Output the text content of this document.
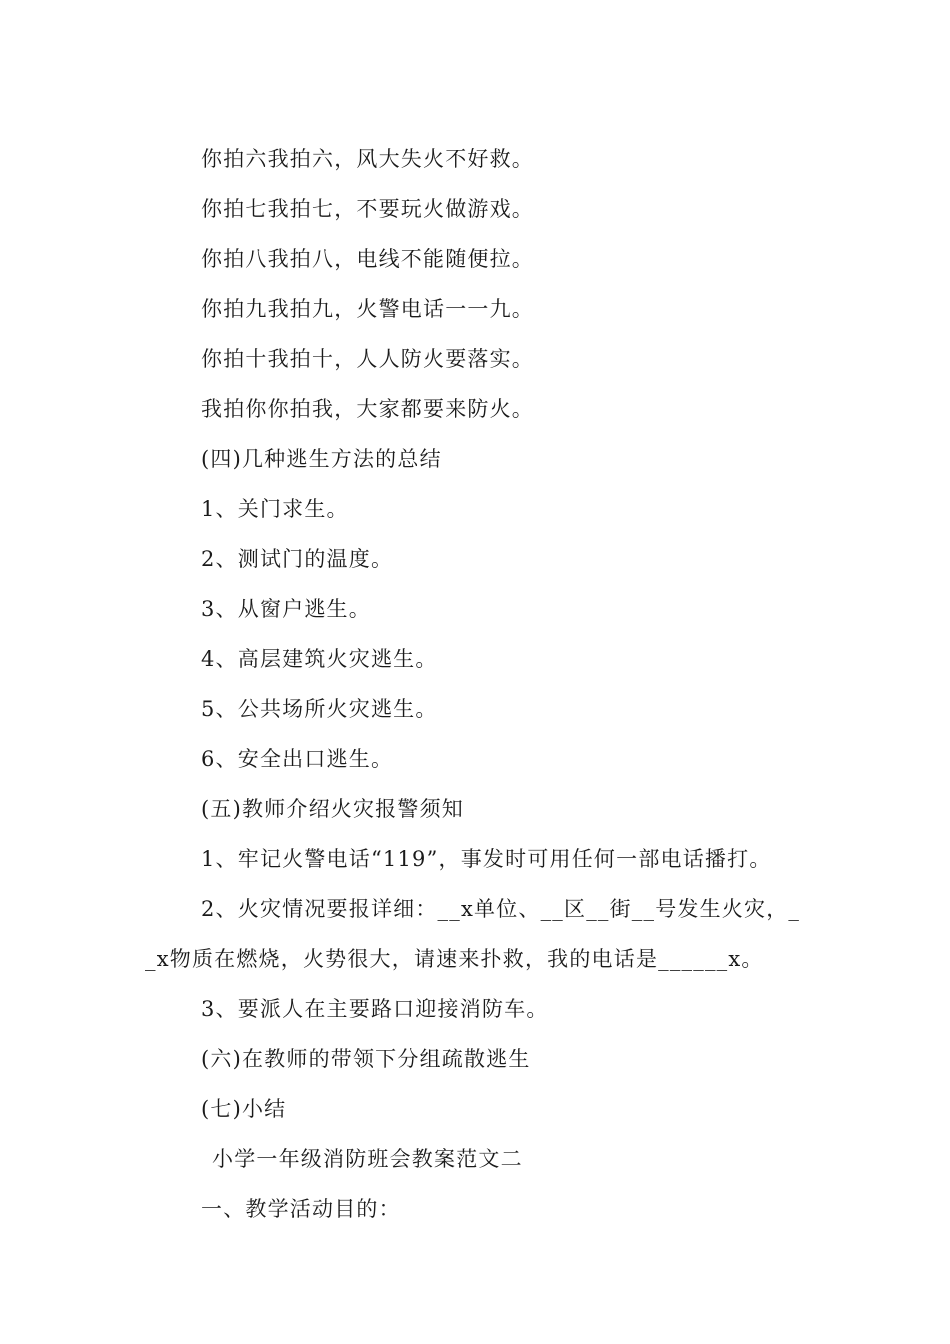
你拍六我拍六，风大失火不好救。
你拍七我拍七，不要玩火做游戏。
你拍八我拍八，电线不能随便拉。
你拍九我拍九，火警电话一一九。
你拍十我拍十，人人防火要落实。
我拍你你拍我，大家都要来防火。
(四)几种逃生方法的总结
1、关门求生。
2、测试门的温度。
3、从窗户逃生。
4、高层建筑火灾逃生。
5、公共场所火灾逃生。
6、安全出口逃生。
(五)教师介绍火灾报警须知
1、牢记火警电话“119”，事发时可用任何一部电话播打。
2、火灾情况要报详细：__x单位、__区__街__号发生火灾，_
_x物质在燃烧，火势很大，请速来扑救，我的电话是______x。
3、要派人在主要路口迎接消防车。
(六)在教师的带领下分组疏散逃生
(七)小结
小学一年级消防班会教案范文二
一、教学活动目的：
